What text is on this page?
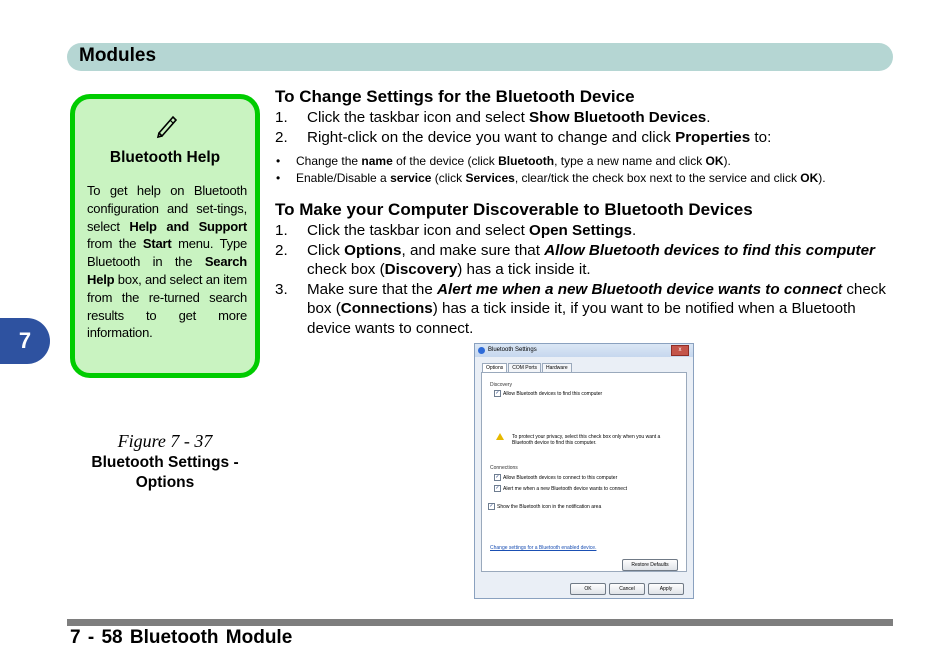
Modules
7
Bluetooth Help
To get help on Bluetooth configuration and set-tings, select Help and Support from the Start menu. Type Bluetooth in the Search Help box, and select an item from the re-turned search results to get more information.
Figure 7 - 37
Bluetooth Settings - Options
To Change Settings for the Bluetooth Device
1. Click the taskbar icon and select Show Bluetooth Devices.
2. Right-click on the device you want to change and click Properties to:
• Change the name of the device (click Bluetooth, type a new name and click OK).
• Enable/Disable a service (click Services, clear/tick the check box next to the service and click OK).
To Make your Computer Discoverable to Bluetooth Devices
1. Click the taskbar icon and select Open Settings.
2. Click Options, and make sure that Allow Bluetooth devices to find this computer check box (Discovery) has a tick inside it.
3. Make sure that the Alert me when a new Bluetooth device wants to connect check box (Connections) has a tick inside it, if you want to be notified when a Bluetooth device wants to connect.
Bluetooth Settings	x
Options	COM Ports	Hardware
Discovery
✓ Allow Bluetooth devices to find this computer
To protect your privacy, select this check box only when you want a Bluetooth device to find this computer.
Connections
✓ Allow Bluetooth devices to connect to this computer
✓ Alert me when a new Bluetooth device wants to connect
✓ Show the Bluetooth icon in the notification area
Change settings for a Bluetooth enabled device.
Restore Defaults
OK	Cancel	Apply
7 - 58 Bluetooth Module
